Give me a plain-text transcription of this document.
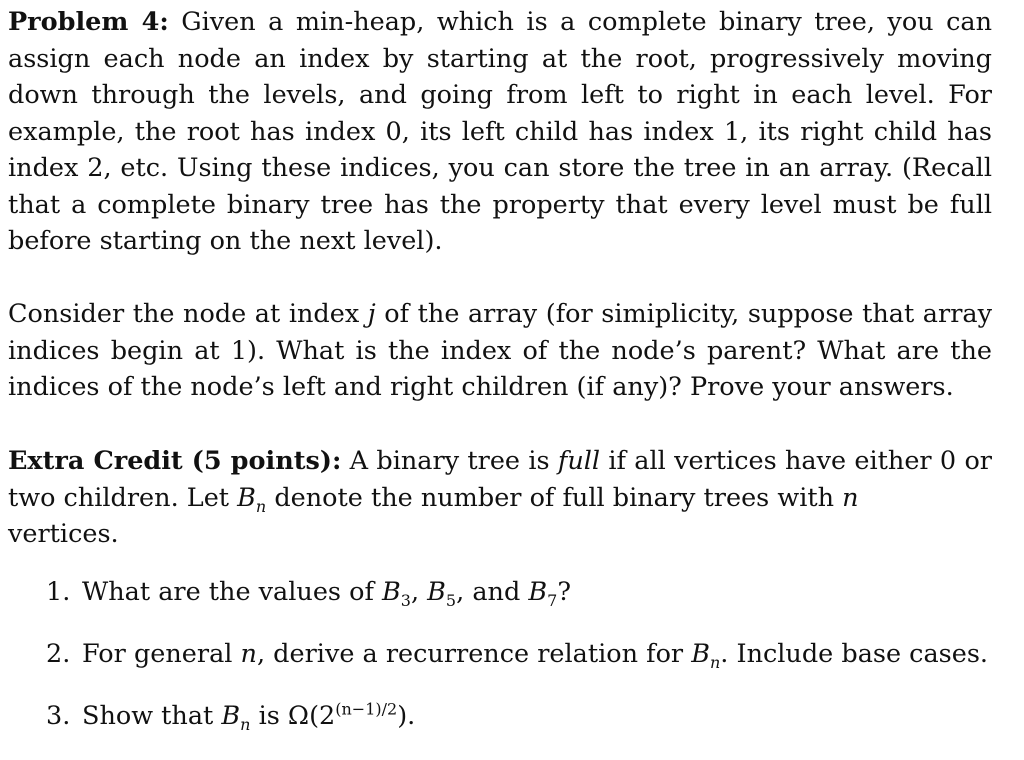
Problem 4: Given a min-heap, which is a complete binary tree, you can assign each node an index by starting at the root, progressively moving down through the levels, and going from left to right in each level. For example, the root has index 0, its left child has index 1, its right child has index 2, etc. Using these indices, you can store the tree in an array. (Recall that a complete binary tree has the property that every level must be full before starting on the next level).

Consider the node at index j of the array (for simiplicity, suppose that array indices begin at 1). What is the index of the node’s parent? What are the indices of the node’s left and right children (if any)? Prove your answers.

Extra Credit (5 points): A binary tree is full if all vertices have either 0 or two children. Let $B_n$ denote the number of full binary trees with n
vertices.

1. What are the values of $B_3$, $B_5$, and $B_7$?
2. For general n, derive a recurrence relation for $B_n$. Include base cases.
3. Show that $B_n$ is $\Omega(2^{(n-1)/2})$.
